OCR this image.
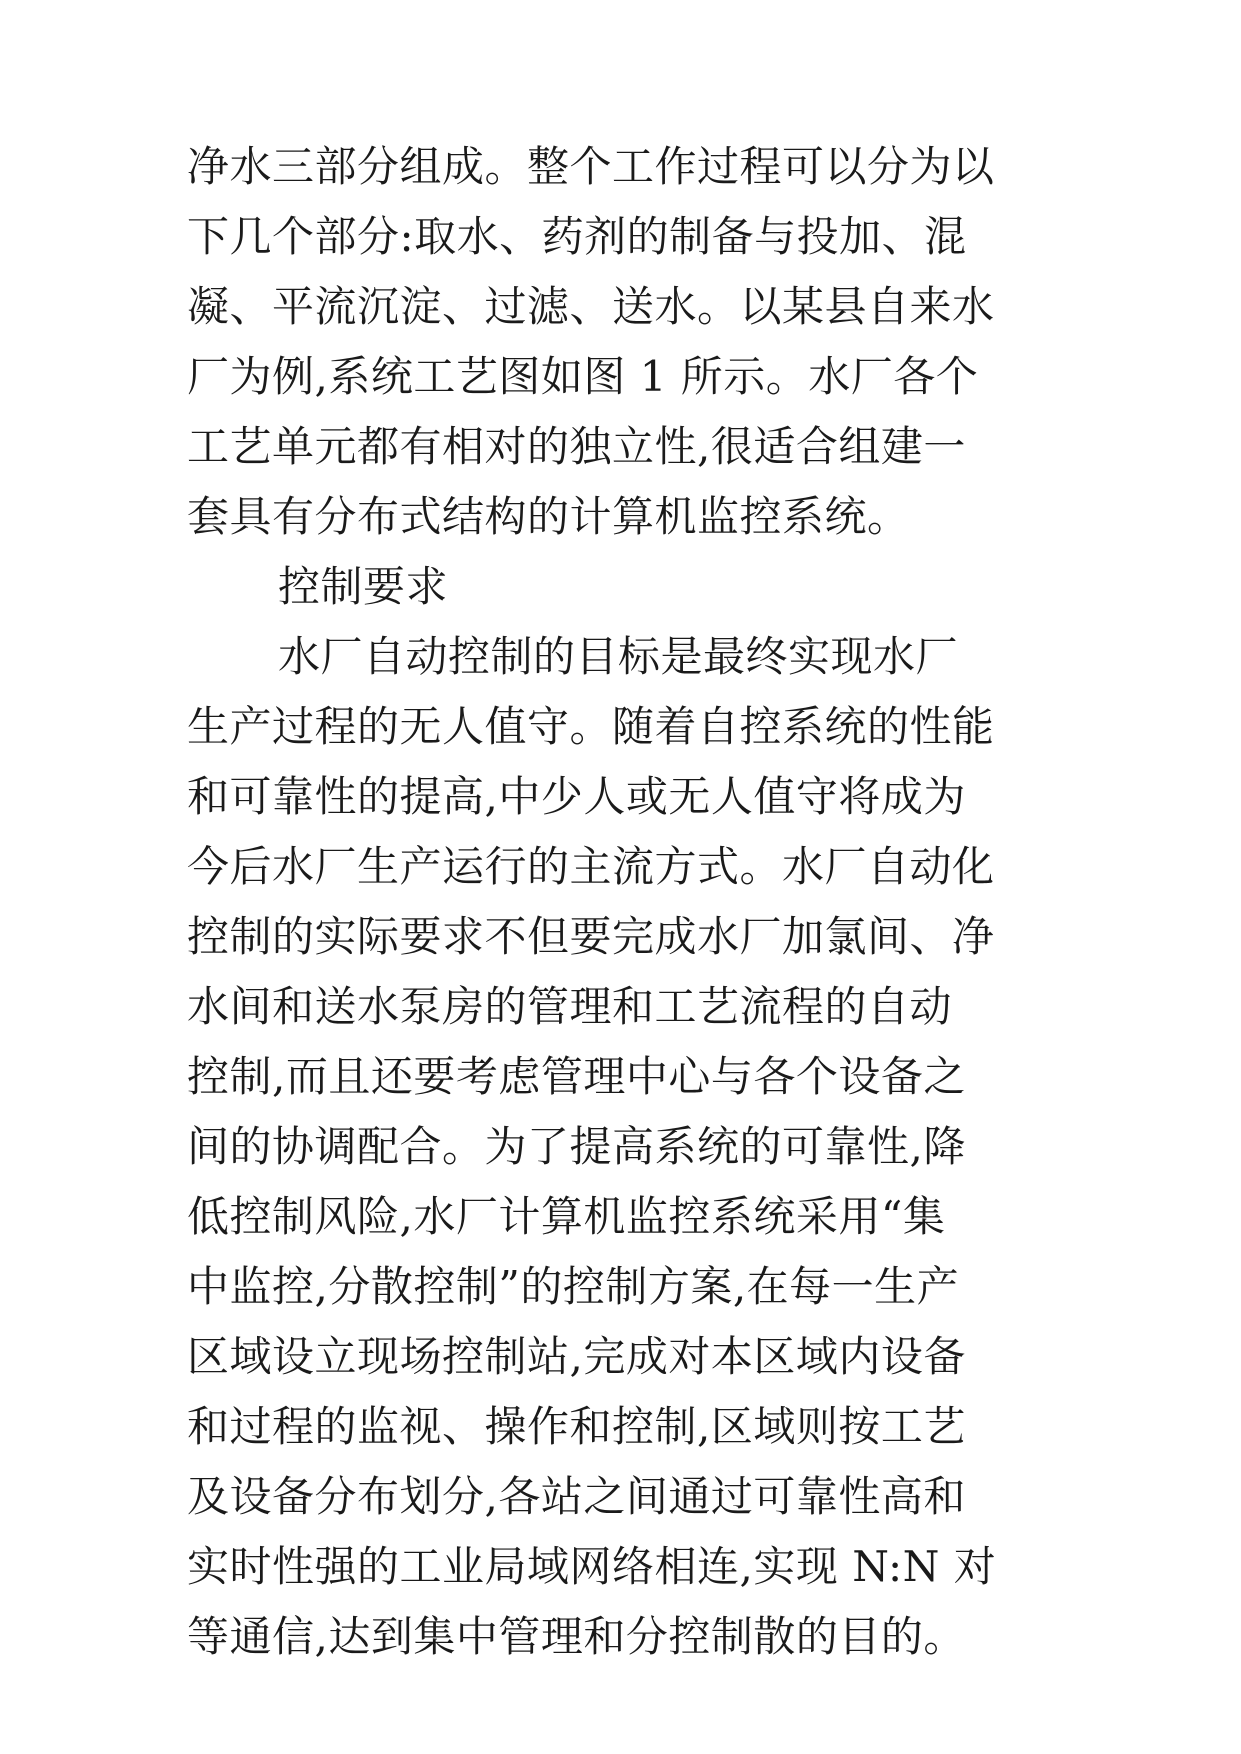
净水三部分组成。整个工作过程可以分为以
下几个部分:取水、药剂的制备与投加、混
凝、平流沉淀、过滤、送水。以某县自来水
厂为例,系统工艺图如图 1 所示。水厂各个
工艺单元都有相对的独立性,很适合组建一
套具有分布式结构的计算机监控系统。
控制要求
水厂自动控制的目标是最终实现水厂
生产过程的无人值守。随着自控系统的性能
和可靠性的提高,中少人或无人值守将成为
今后水厂生产运行的主流方式。水厂自动化
控制的实际要求不但要完成水厂加氯间、净
水间和送水泵房的管理和工艺流程的自动
控制,而且还要考虑管理中心与各个设备之
间的协调配合。为了提高系统的可靠性,降
低控制风险,水厂计算机监控系统采用“集
中监控,分散控制”的控制方案,在每一生产
区域设立现场控制站,完成对本区域内设备
和过程的监视、操作和控制,区域则按工艺
及设备分布划分,各站之间通过可靠性高和
实时性强的工业局域网络相连,实现 N:N 对
等通信,达到集中管理和分控制散的目的。
